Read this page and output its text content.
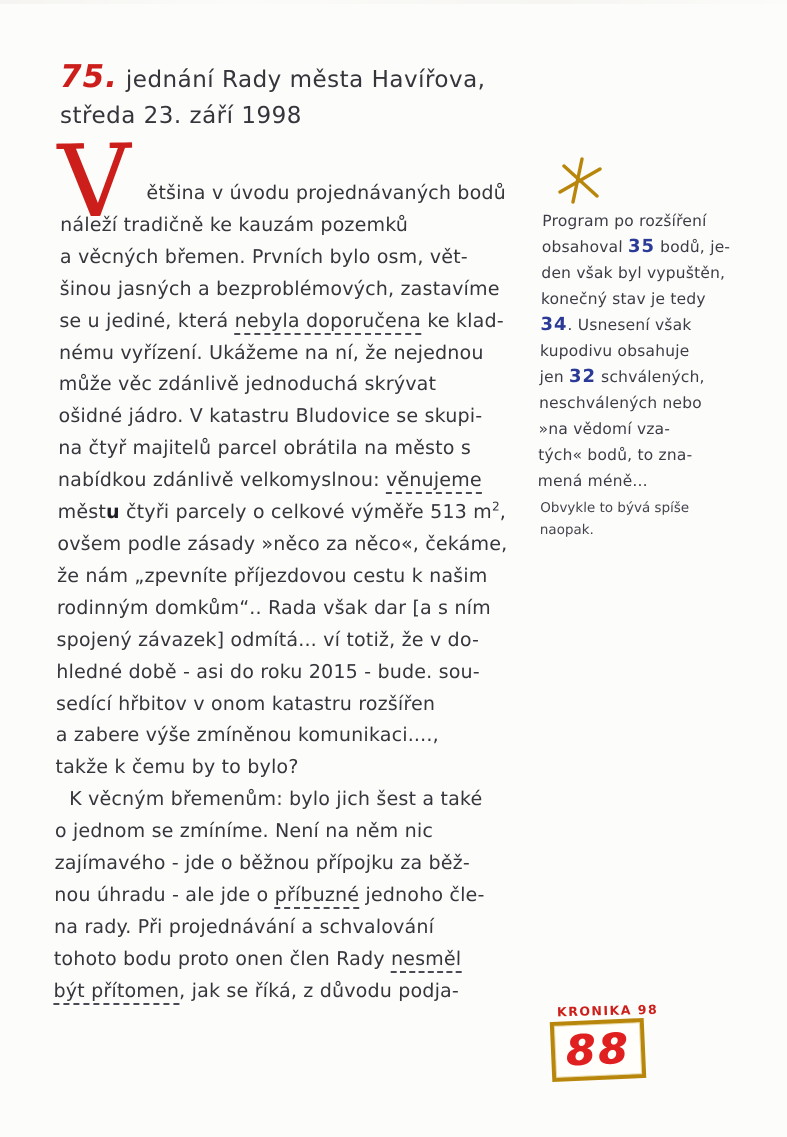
75. jednání Rady města Havířova,
středa 23. září 1998
V ětšina v úvodu projednávaných bodů
náleží tradičně ke kauzám pozemků
a věcných břemen. Prvních bylo osm, vět-
šinou jasných a bezproblémových, zastavíme
se u jediné, která nebyla doporučena ke klad-
nému vyřízení. Ukážeme na ní, že nejednou
může věc zdánlivě jednoduchá skrývat
ošidné jádro. V katastru Bludovice se skupi-
na čtyř majitelů parcel obrátila na město s
nabídkou zdánlivě velkomyslnou: věnujeme
městu čtyři parcely o celkové výměře 513 $m^2$,
ovšem podle zásady »něco za něco«, čekáme,
že nám „zpevníte příjezdovou cestu k našim
rodinným domkům“.. Rada však dar [a s ním
spojený závazek] odmítá... ví totiž, že v do-
hledné době - asi do roku 2015 - bude. sou-
sedící hřbitov v onom katastru rozšířen
a zabere výše zmíněnou komunikaci....,
takže k čemu by to bylo?
K věcným břemenům: bylo jich šest a také
o jednom se zmíníme. Není na něm nic
zajímavého - jde o běžnou přípojku za běž-
nou úhradu - ale jde o příbuzné jednoho čle-
na rady. Při projednávání a schvalování
tohoto bodu proto onen člen Rady nesměl
být přítomen, jak se říká, z důvodu podja-
Program po rozšíření
obsahoval 35 bodů, je-
den však byl vypuštěn,
konečný stav je tedy
34. Usnesení však
kupodivu obsahuje
jen 32 schválených,
neschválených nebo
»na vědomí vza-
tých« bodů, to zna-
mená méně...
Obvykle to bývá spíše
naopak.
KRONIKA 98
88
